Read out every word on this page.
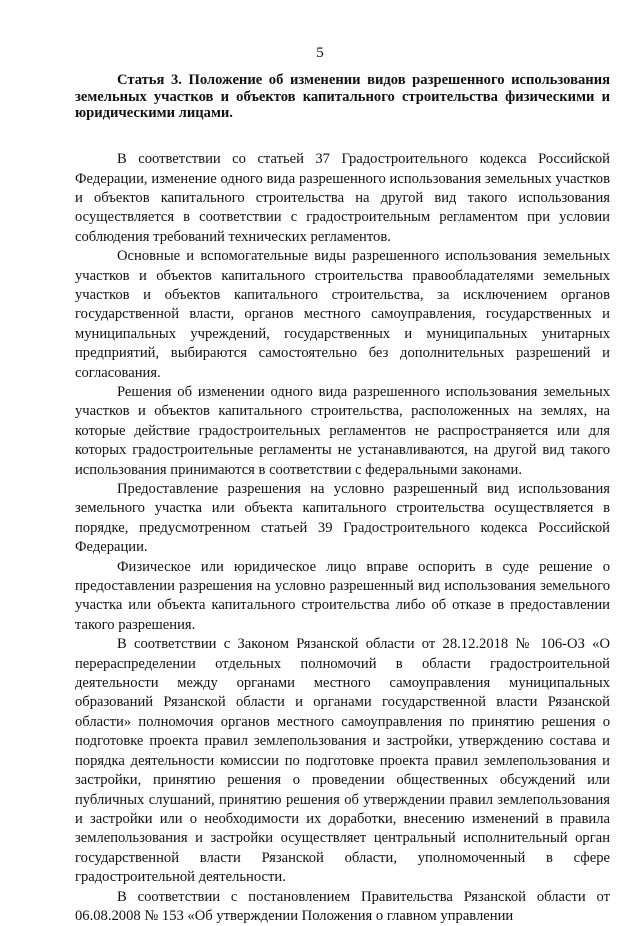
5

Статья 3. Положение об изменении видов разрешенного использования земельных участков и объектов капитального строительства физическими и юридическими лицами.

В соответствии со статьей 37 Градостроительного кодекса Российской Федерации, изменение одного вида разрешенного использования земельных участков и объектов капитального строительства на другой вид такого использования осуществляется в соответствии с градостроительным регламентом при условии соблюдения требований технических регламентов.

Основные и вспомогательные виды разрешенного использования земельных участков и объектов капитального строительства правообладателями земельных участков и объектов капитального строительства, за исключением органов государственной власти, органов местного самоуправления, государственных и муниципальных учреждений, государственных и муниципальных унитарных предприятий, выбираются самостоятельно без дополнительных разрешений и согласования.

Решения об изменении одного вида разрешенного использования земельных участков и объектов капитального строительства, расположенных на землях, на которые действие градостроительных регламентов не распространяется или для которых градостроительные регламенты не устанавливаются, на другой вид такого использования принимаются в соответствии с федеральными законами.

Предоставление разрешения на условно разрешенный вид использования земельного участка или объекта капитального строительства осуществляется в порядке, предусмотренном статьей 39 Градостроительного кодекса Российской Федерации.

Физическое или юридическое лицо вправе оспорить в суде решение о предоставлении разрешения на условно разрешенный вид использования земельного участка или объекта капитального строительства либо об отказе в предоставлении такого разрешения.

В соответствии с Законом Рязанской области от 28.12.2018 № 106-ОЗ «О перераспределении отдельных полномочий в области градостроительной деятельности между органами местного самоуправления муниципальных образований Рязанской области и органами государственной власти Рязанской области» полномочия органов местного самоуправления по принятию решения о подготовке проекта правил землепользования и застройки, утверждению состава и порядка деятельности комиссии по подготовке проекта правил землепользования и застройки, принятию решения о проведении общественных обсуждений или публичных слушаний, принятию решения об утверждении правил землепользования и застройки или о необходимости их доработки, внесению изменений в правила землепользования и застройки осуществляет центральный исполнительный орган государственной власти Рязанской области, уполномоченный в сфере градостроительной деятельности.

В соответствии с постановлением Правительства Рязанской области от 06.08.2008 № 153 «Об утверждении Положения о главном управлении
